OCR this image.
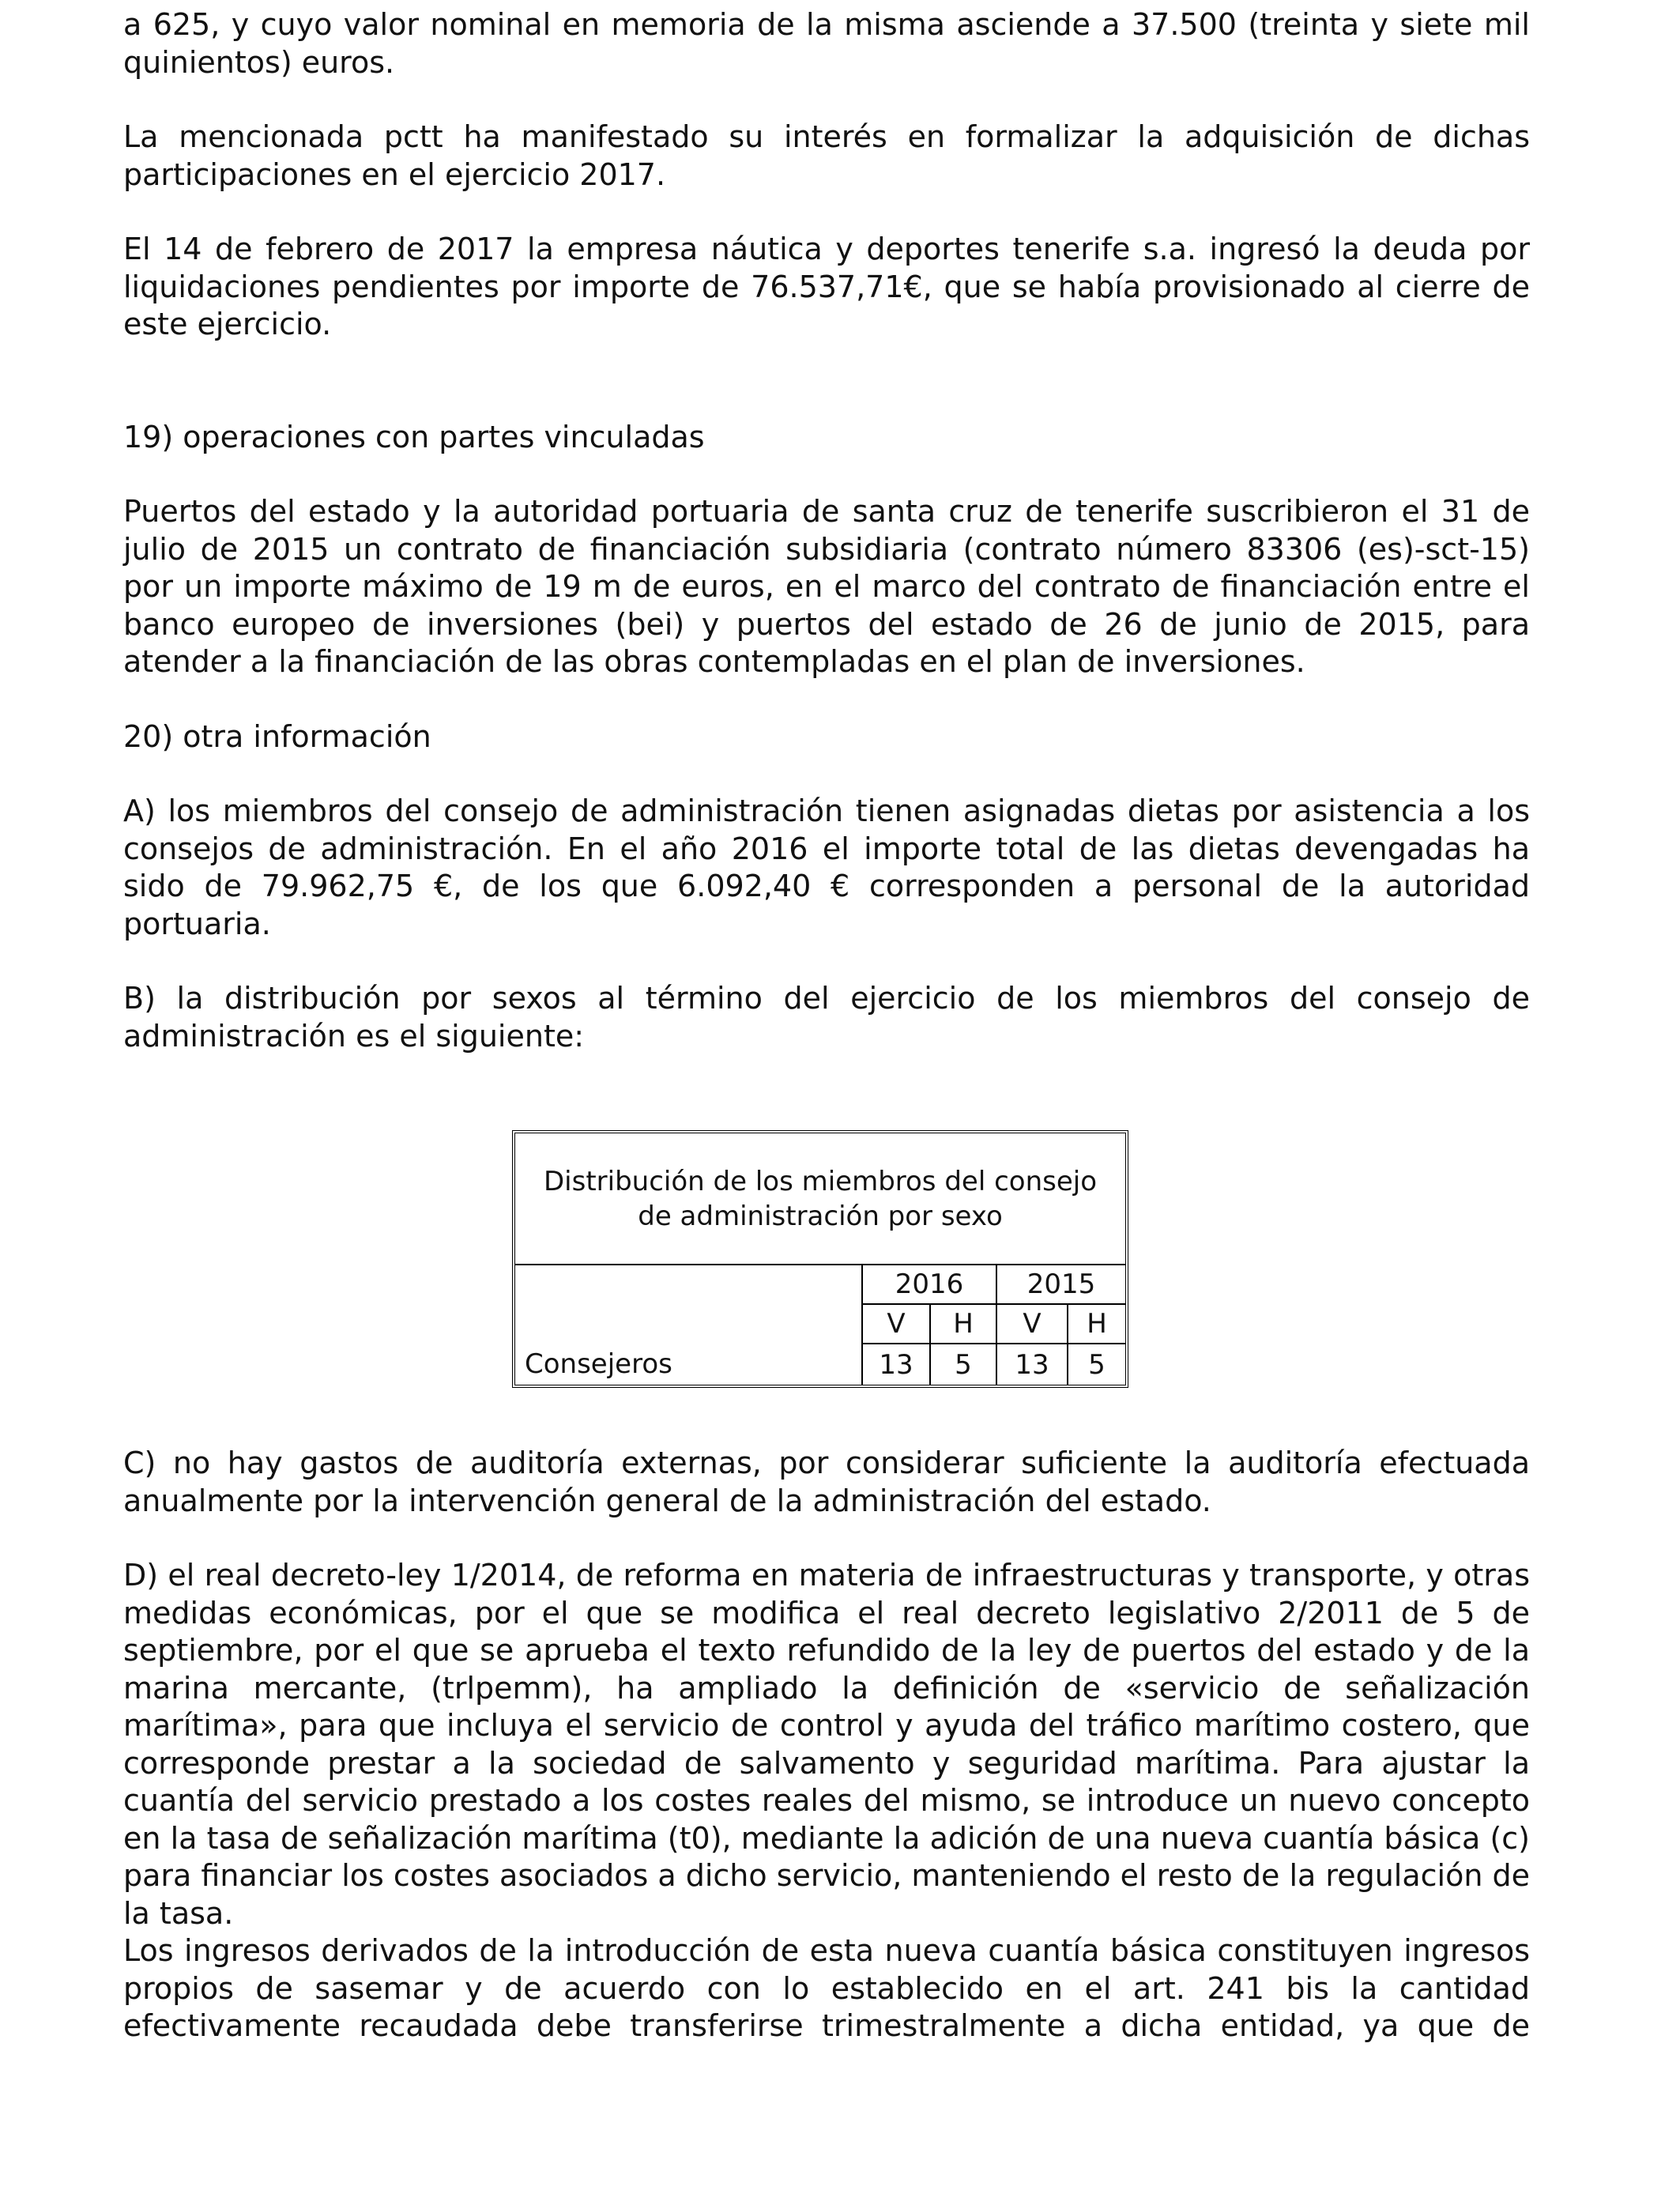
a 625, y cuyo valor nominal en memoria de la misma asciende a 37.500 (treinta y siete mil quinientos) euros.

La mencionada pctt ha manifestado su interés en formalizar la adquisición de dichas participaciones en el ejercicio 2017.

El 14 de febrero de 2017 la empresa náutica y deportes tenerife s.a. ingresó la deuda por liquidaciones pendientes por importe de 76.537,71€, que se había provisionado al cierre de este ejercicio.

19) operaciones con partes vinculadas

Puertos del estado y la autoridad portuaria de santa cruz de tenerife suscribieron el 31 de julio de 2015 un contrato de financiación subsidiaria (contrato número 83306 (es)-sct-15) por un importe máximo de 19 m de euros, en el marco del contrato de financiación entre el banco europeo de inversiones (bei) y puertos del estado de 26 de junio de 2015, para atender a la financiación de las obras contempladas en el plan de inversiones.

20) otra información

A) los miembros del consejo de administración tienen asignadas dietas por asistencia a los consejos de administración. En el año 2016 el importe total de las dietas devengadas ha sido de 79.962,75 €, de los que 6.092,40 € corresponden a personal de la autoridad portuaria.

B) la distribución por sexos al término del ejercicio de los miembros del consejo de administración es el siguiente:

Distribución de los miembros del consejo
de administración por sexo
2016	2015
V	H	V	H
Consejeros	13	5	13	5

C) no hay gastos de auditoría externas, por considerar suficiente la auditoría efectuada anualmente por la intervención general de la administración del estado.

D) el real decreto-ley 1/2014, de reforma en materia de infraestructuras y transporte, y otras medidas económicas, por el que se modifica el real decreto legislativo 2/2011 de 5 de septiembre, por el que se aprueba el texto refundido de la ley de puertos del estado y de la marina mercante, (trlpemm), ha ampliado la definición de «servicio de señalización marítima», para que incluya el servicio de control y ayuda del tráfico marítimo costero, que corresponde prestar a la sociedad de salvamento y seguridad marítima. Para ajustar la cuantía del servicio prestado a los costes reales del mismo, se introduce un nuevo concepto en la tasa de señalización marítima (t0), mediante la adición de una nueva cuantía básica (c) para financiar los costes asociados a dicho servicio, manteniendo el resto de la regulación de la tasa.

Los ingresos derivados de la introducción de esta nueva cuantía básica constituyen ingresos propios de sasemar y de acuerdo con lo establecido en el art. 241 bis la cantidad efectivamente recaudada debe transferirse trimestralmente a dicha entidad, ya que de
